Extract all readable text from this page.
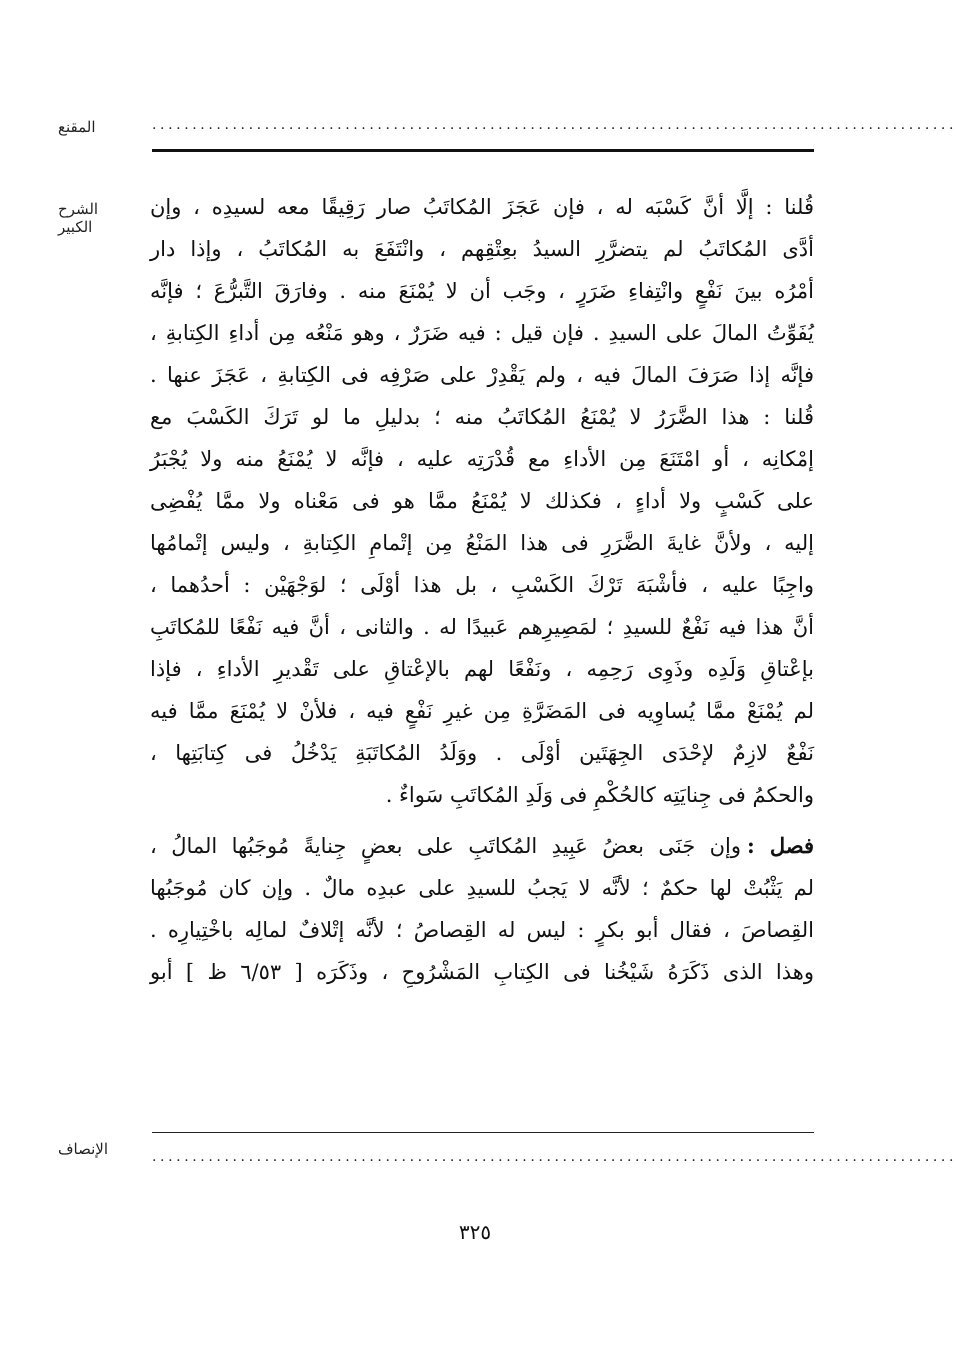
المقنع	....................................................................................................
الشرح الكبير
قُلنا : إلَّا أنَّ كَسْبَه له ، فإن عَجَزَ المُكاتَبُ صار رَقِيقًا معه لسيدِه ، وإن
أدَّى المُكاتَبُ لم يتضرَّرِ السيدُ بعِتْقِهم ، وانْتَفَعَ به المُكاتَبُ ، وإذا دار
أمْرُه بينَ نَفْعٍ وانْتِفاءِ ضَرَرٍ ، وجَب أن لا يُمْنَعَ منه . وفارَقَ التَّبرُّعَ ؛ فإنَّه
يُفَوِّتُ المالَ على السيدِ . فإن قيل : فيه ضَرَرٌ ، وهو مَنْعُه مِن أداءِ الكِتابةِ ،
فإنَّه إذا صَرَفَ المالَ فيه ، ولم يَقْدِرْ على صَرْفِه فى الكِتابةِ ، عَجَزَ عنها .
قُلنا : هذا الضَّرَرُ لا يُمْنَعُ المُكاتَبُ منه ؛ بدليلِ ما لو تَرَكَ الكَسْبَ مع
إمْكانِه ، أو امْتَنَعَ مِن الأداءِ مع قُدْرَتِه عليه ، فإنَّه لا يُمْنَعُ منه ولا يُجْبَرُ
على كَسْبٍ ولا أداءٍ ، فكذلك لا يُمْنَعُ ممَّا هو فى مَعْناه ولا ممَّا يُفْضِى
إليه ، ولأنَّ غايةَ الضَّرَرِ فى هذا المَنْعُ مِن إتْمامِ الكِتابةِ ، وليس إتْمامُها
واجِبًا عليه ، فأشْبَهَ تَرْكَ الكَسْبِ ، بل هذا أوْلَى ؛ لوَجْهَيْن : أحدُهما ،
أنَّ هذا فيه نَفْعٌ للسيدِ ؛ لمَصِيرِهم عَبيدًا له . والثانى ، أنَّ فيه نَفْعًا للمُكاتَبِ
بإعْتاقِ وَلَدِه وذَوِى رَحِمِه ، ونَفْعًا لهم بالإعْتاقِ على تَقْديرِ الأداءِ ، فإذا
لم يُمْنَعْ ممَّا يُساوِيه فى المَضَرَّةِ مِن غيرِ نَفْعٍ فيه ، فلأنْ لا يُمْنَعَ ممَّا فيه
نَفْعٌ لازِمٌ لإحْدَى الجِهَتَين أوْلَى . ووَلَدُ المُكاتَبَةِ يَدْخُلُ فى كِتابَتِها ،
والحكمُ فى جِنايَتِه كالحُكْمِ فى وَلَدِ المُكاتَبِ سَواءٌ .
فصل :وإن جَنَى بعضُ عَبِيدِ المُكاتَبِ على بعضٍ جِنايةً مُوجَبُها المالُ ،
لم يَثْبُتْ لها حكمٌ ؛ لأنَّه لا يَجبُ للسيدِ على عبدِه مالٌ . وإن كان مُوجَبُها
القِصاصَ ، فقال أبو بكرٍ : ليس له القِصاصُ ؛ لأنَّه إتْلافٌ لمالِه باخْتِيارِه .
وهذا الذى ذَكَرَهُ شَيْخُنا فى الكِتابِ المَشْرُوحِ ، وذَكَرَه [ ٦/٥٣ ظ ] أبو
الإنصاف	....................................................................................................
٣٢٥
